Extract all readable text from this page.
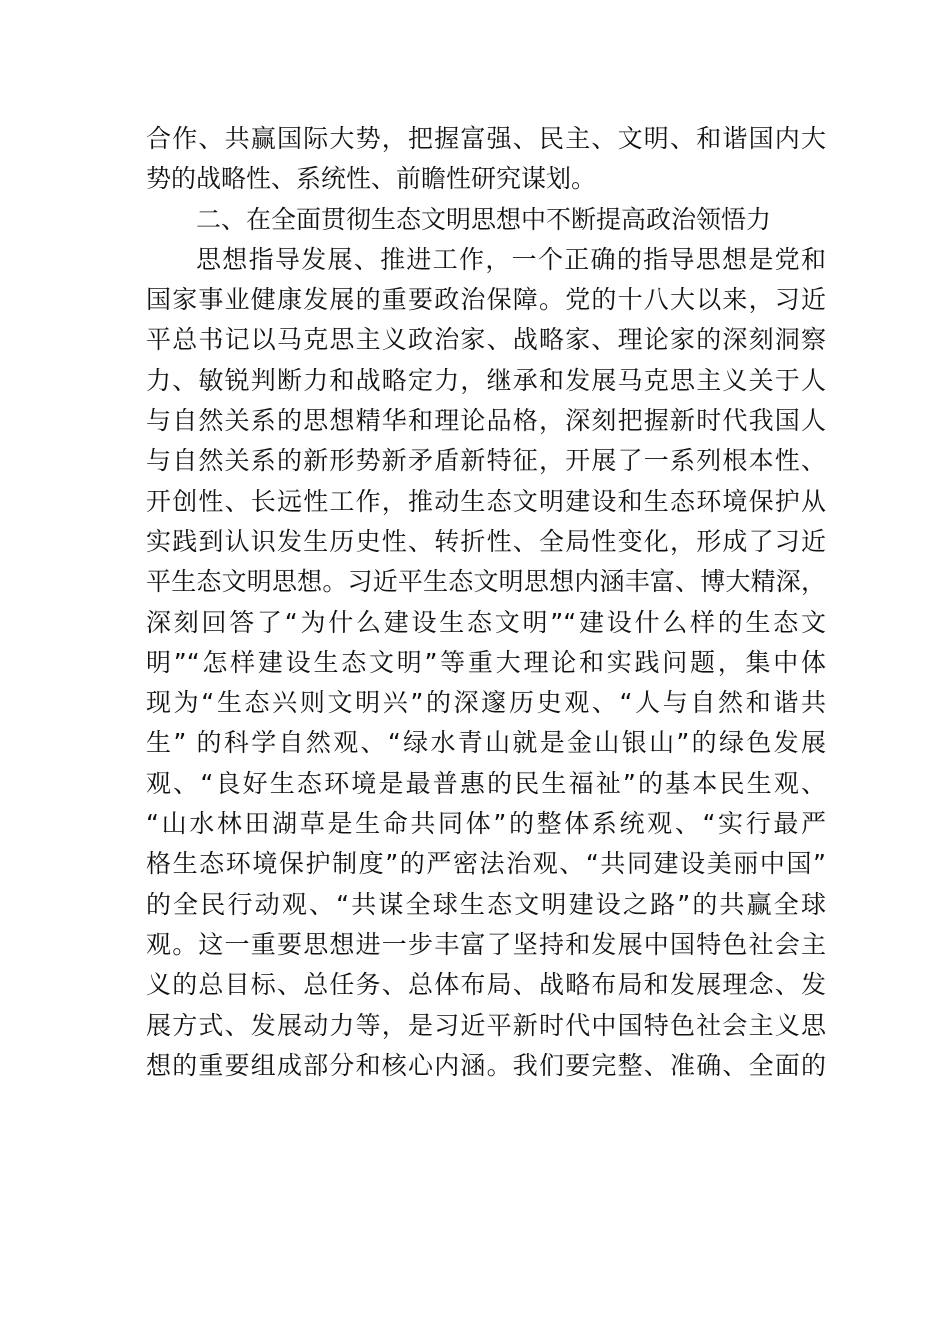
合作、共赢国际大势，把握富强、民主、文明、和谐国内大
势的战略性、系统性、前瞻性研究谋划。
二、在全面贯彻生态文明思想中不断提高政治领悟力
思想指导发展、推进工作，一个正确的指导思想是党和
国家事业健康发展的重要政治保障。党的十八大以来，习近
平总书记以马克思主义政治家、战略家、理论家的深刻洞察
力、敏锐判断力和战略定力，继承和发展马克思主义关于人
与自然关系的思想精华和理论品格，深刻把握新时代我国人
与自然关系的新形势新矛盾新特征，开展了一系列根本性、
开创性、长远性工作，推动生态文明建设和生态环境保护从
实践到认识发生历史性、转折性、全局性变化，形成了习近
平生态文明思想。习近平生态文明思想内涵丰富、博大精深，
深刻回答了“为什么建设生态文明”“建设什么样的生态文
明”“怎样建设生态文明”等重大理论和实践问题，集中体
现为“生态兴则文明兴”的深邃历史观、“人与自然和谐共
生” 的科学自然观、“绿水青山就是金山银山”的绿色发展
观、“良好生态环境是最普惠的民生福祉”的基本民生观、
“山水林田湖草是生命共同体”的整体系统观、“实行最严
格生态环境保护制度”的严密法治观、“共同建设美丽中国”
的全民行动观、“共谋全球生态文明建设之路”的共赢全球
观。这一重要思想进一步丰富了坚持和发展中国特色社会主
义的总目标、总任务、总体布局、战略布局和发展理念、发
展方式、发展动力等，是习近平新时代中国特色社会主义思
想的重要组成部分和核心内涵。我们要完整、准确、全面的
